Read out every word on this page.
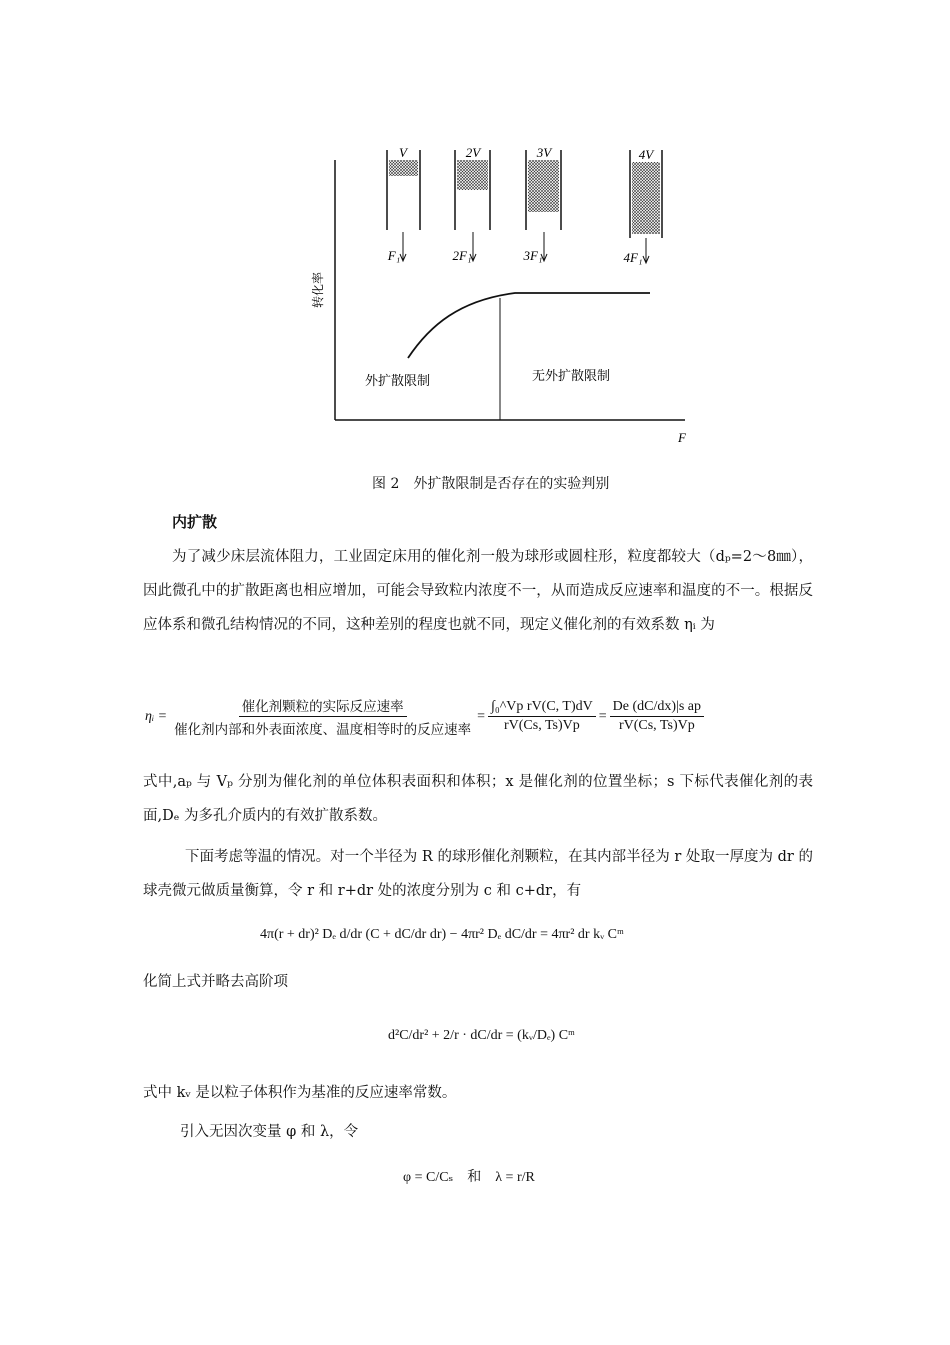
V	2V	3V	4V
F₁	2F₁	3F₁	4F₁
转化率
F
外扩散限制	无外扩散限制
图 2　外扩散限制是否存在的实验判别
内扩散
为了减少床层流体阻力，工业固定床用的催化剂一般为球形或圆柱形，粒度都较大（dₚ=2～8㎜），因此微孔中的扩散距离也相应增加，可能会导致粒内浓度不一，从而造成反应速率和温度的不一。根据反应体系和微孔结构情况的不同，这种差别的程度也就不同，现定义催化剂的有效系数 ηᵢ 为
ηᵢ = $\frac{\text{催化剂颗粒的实际反应速率}}{\text{催化剂内部和外表面浓度、温度相等时的反应速率}} = \frac{\text{∫₀\textasciicircum{}Vp rV(C, T)dV}}{rV(Cs, Ts)Vp} = \frac{\text{De (dC/dx)|s ap}}{rV(Cs, Ts)Vp}$
式中,aₚ 与 Vₚ 分别为催化剂的单位体积表面积和体积；x 是催化剂的位置坐标；s 下标代表催化剂的表面,Dₑ 为多孔介质内的有效扩散系数。
下面考虑等温的情况。对一个半径为 R 的球形催化剂颗粒，在其内部半径为 r 处取一厚度为 dr 的球壳微元做质量衡算，令 r 和 r+dr 处的浓度分别为 c 和 c+dr，有
4π(r + dr)² Dₑ d/dr (C + dC/dr dr) − 4πr² Dₑ dC/dr = 4πr² dr kᵥ Cᵐ
化简上式并略去高阶项
d²C/dr² + 2/r · dC/dr = (kᵥ/Dₑ) Cᵐ
式中 kᵥ 是以粒子体积作为基准的反应速率常数。
引入无因次变量 φ 和 λ，令
φ = C/Cₛ　和　λ = r/R
